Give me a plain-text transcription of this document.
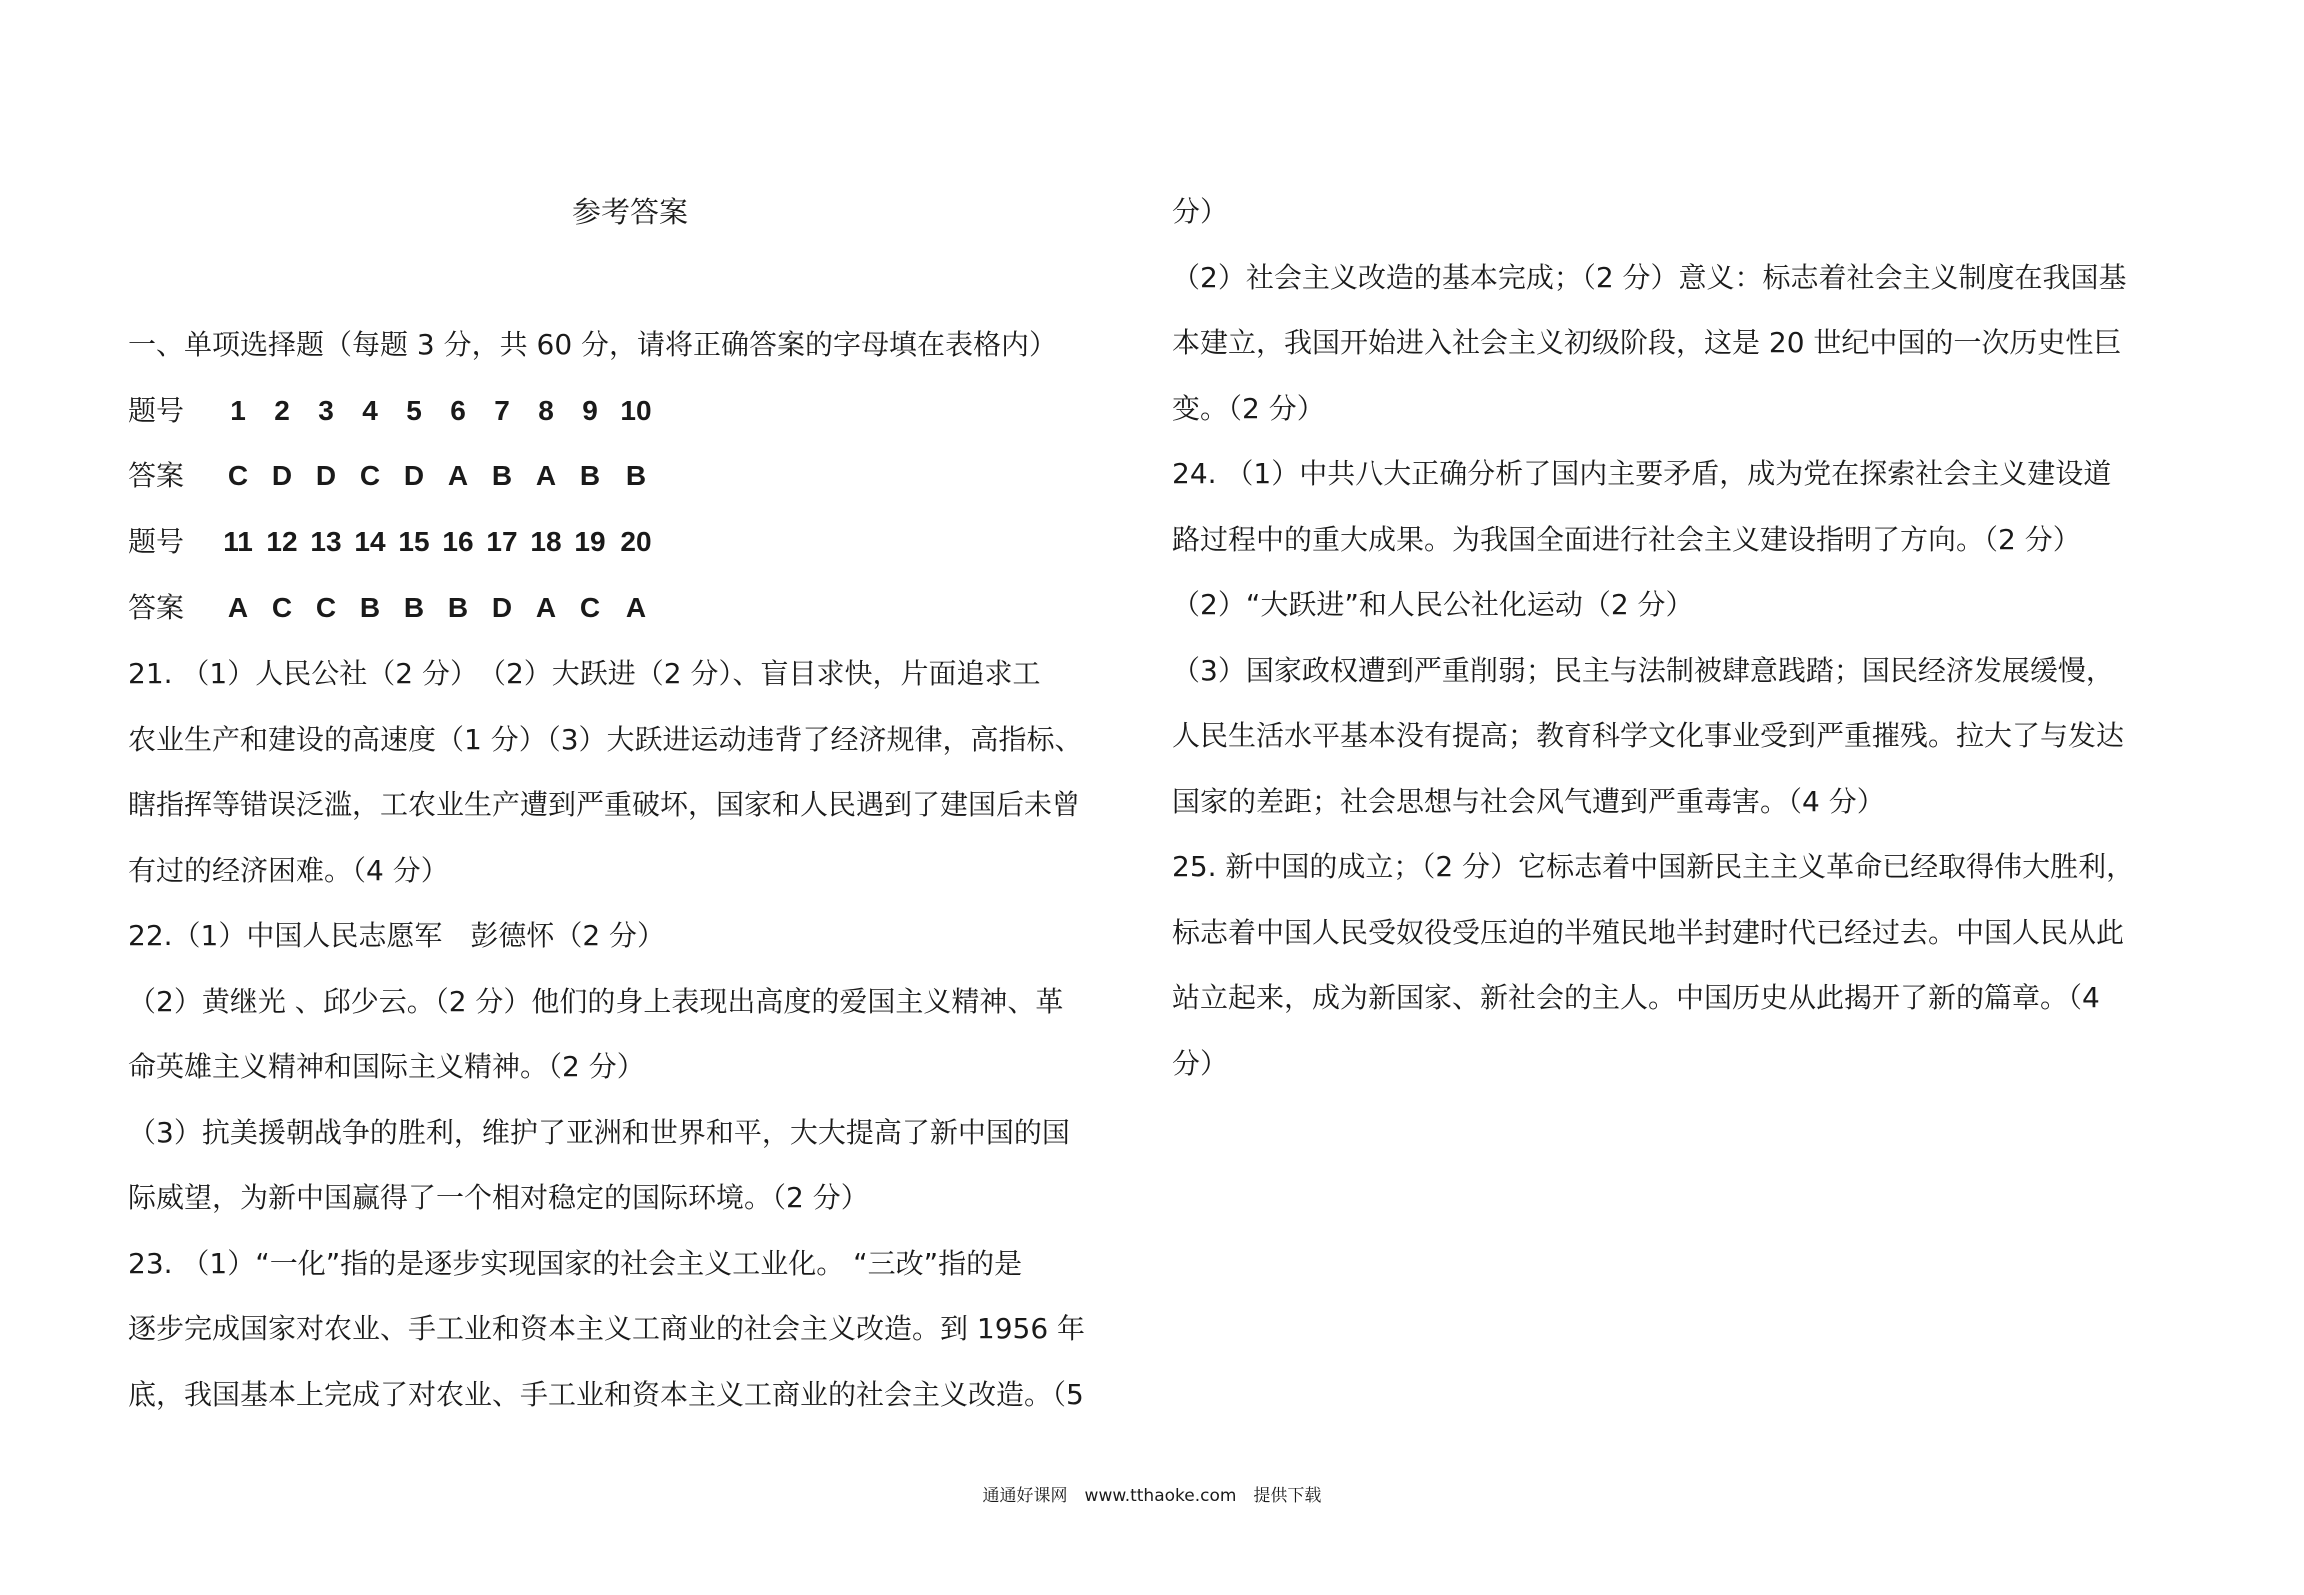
参考答案
一、单项选择题（每题 3 分，共 60 分，请将正确答案的字母填在表格内）
题号 1 2 3 4 5 6 7 8 9 10
答案 C D D C D A B A B B
题号 11 12 13 14 15 16 17 18 19 20
答案 A C C B B B D A C A
21. （1）人民公社（2 分）　（2）大跃进（2 分）、盲目求快，片面追求工
农业生产和建设的高速度（1 分）（3）大跃进运动违背了经济规律，高指标、
瞎指挥等错误泛滥，工农业生产遭到严重破坏，国家和人民遇到了建国后未曾
有过的经济困难。（4 分）
22.（1）中国人民志愿军　彭德怀（2 分）
（2）黄继光 、邱少云。（2 分）他们的身上表现出高度的爱国主义精神、革
命英雄主义精神和国际主义精神。（2 分）
（3）抗美援朝战争的胜利，维护了亚洲和世界和平，大大提高了新中国的国
际威望，为新中国赢得了一个相对稳定的国际环境。（2 分）
23. （1）“一化”指的是逐步实现国家的社会主义工业化。 “三改”指的是
逐步完成国家对农业、手工业和资本主义工商业的社会主义改造。到 1956 年
底，我国基本上完成了对农业、手工业和资本主义工商业的社会主义改造。（5
分）
（2）社会主义改造的基本完成；（2 分）意义：标志着社会主义制度在我国基
本建立，我国开始进入社会主义初级阶段，这是 20 世纪中国的一次历史性巨
变。（2 分）
24. （1）中共八大正确分析了国内主要矛盾，成为党在探索社会主义建设道
路过程中的重大成果。为我国全面进行社会主义建设指明了方向。（2 分）
（2）“大跃进”和人民公社化运动（2 分）
（3）国家政权遭到严重削弱；民主与法制被肆意践踏；国民经济发展缓慢，
人民生活水平基本没有提高；教育科学文化事业受到严重摧残。拉大了与发达
国家的差距；社会思想与社会风气遭到严重毒害。（4 分）
25. 新中国的成立；（2 分）它标志着中国新民主主义革命已经取得伟大胜利，
标志着中国人民受奴役受压迫的半殖民地半封建时代已经过去。中国人民从此
站立起来，成为新国家、新社会的主人。中国历史从此揭开了新的篇章。（4
分）
通通好课网　www.tthaoke.com　提供下载
